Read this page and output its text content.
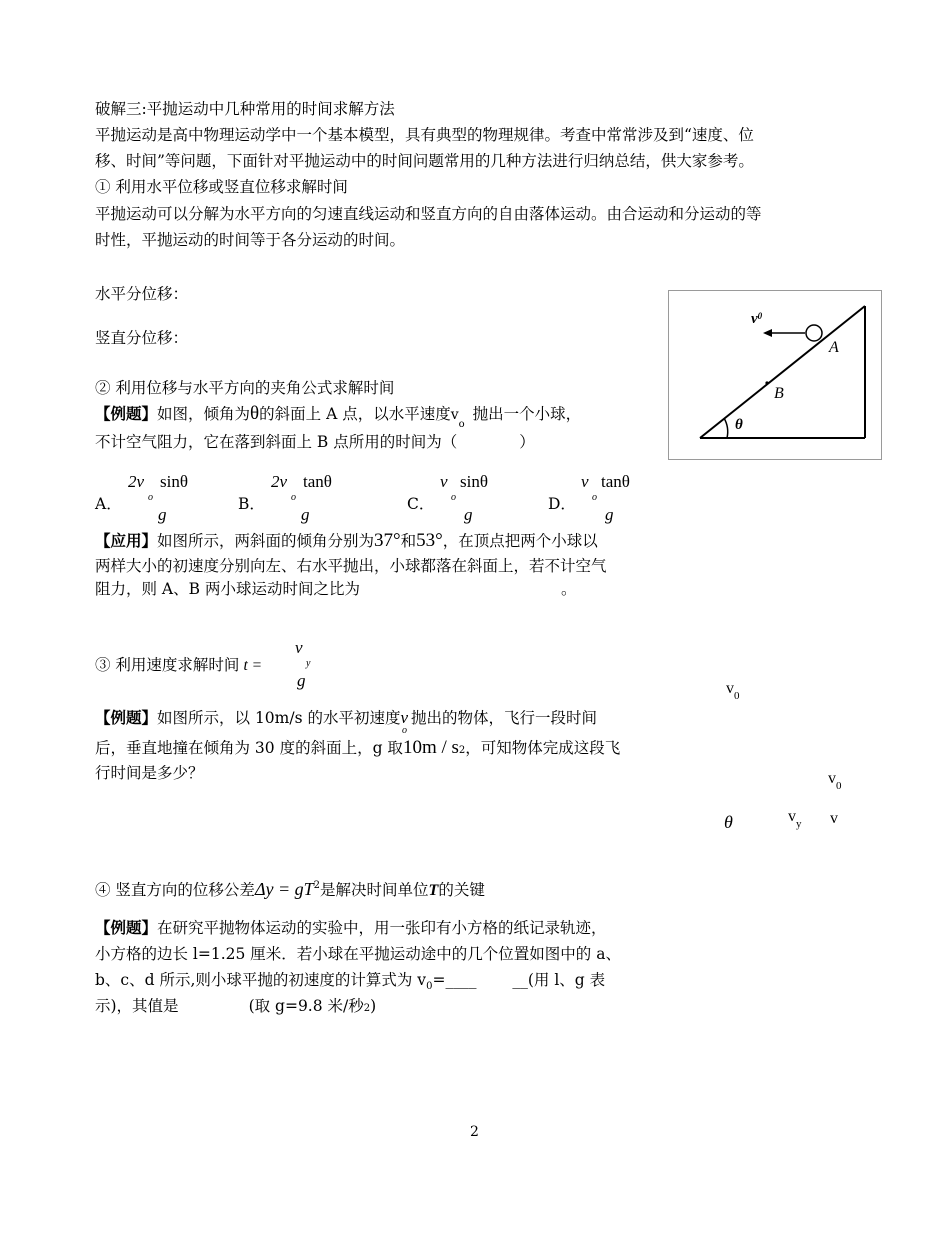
破解三:平抛运动中几种常用的时间求解方法
平抛运动是高中物理运动学中一个基本模型，具有典型的物理规律。考查中常常涉及到“速度、位
移、时间”等问题，下面针对平抛运动中的时间问题常用的几种方法进行归纳总结，供大家参考。
① 利用水平位移或竖直位移求解时间
平抛运动可以分解为水平方向的匀速直线运动和竖直方向的自由落体运动。由合运动和分运动的等
时性，平抛运动的时间等于各分运动的时间。
水平分位移：
竖直分位移：
$v^0$
A
B
θ
② 利用位移与水平方向的夹角公式求解时间
【例题】如图，倾角为θ的斜面上 A 点，以水平速度$v_o$抛出一个小球，
不计空气阻力，它在落到斜面上 B 点所用的时间为（　　　　）
A．
2v sinθ
o
g
B．
2v tanθ
o
g
C．
v sinθ
o
g
D．
v tanθ
o
g
【应用】如图所示，两斜面的倾角分别为37°和53°，在顶点把两个小球以
两样大小的初速度分别向左、右水平抛出，小球都落在斜面上，若不计空气
阻力，则 A、B 两小球运动时间之比为	。
③ 利用速度求解时间 t =
v
y
g
【例题】如图所示，以 10m/s 的水平初速度$v_o$抛出的物体，飞行一段时间
后，垂直地撞在倾角为 30 度的斜面上，g 取10m / s2，可知物体完成这段飞
行时间是多少？
$v_0$
$v_0$
θ	$v_y$ v
④ 竖直方向的位移公差$\Delta y = gT^2$是解决时间单位T的关键
【例题】在研究平抛物体运动的实验中，用一张印有小方格的纸记录轨迹，
小方格的边长 l=1.25 厘米．若小球在平抛运动途中的几个位置如图中的 a、
b、c、d 所示,则小球平抛的初速度的计算式为 $v_0=\_\_\_\_$　　 __(用 l、g 表
示)，其值是	(取 g=9.8 米/秒2)
2
